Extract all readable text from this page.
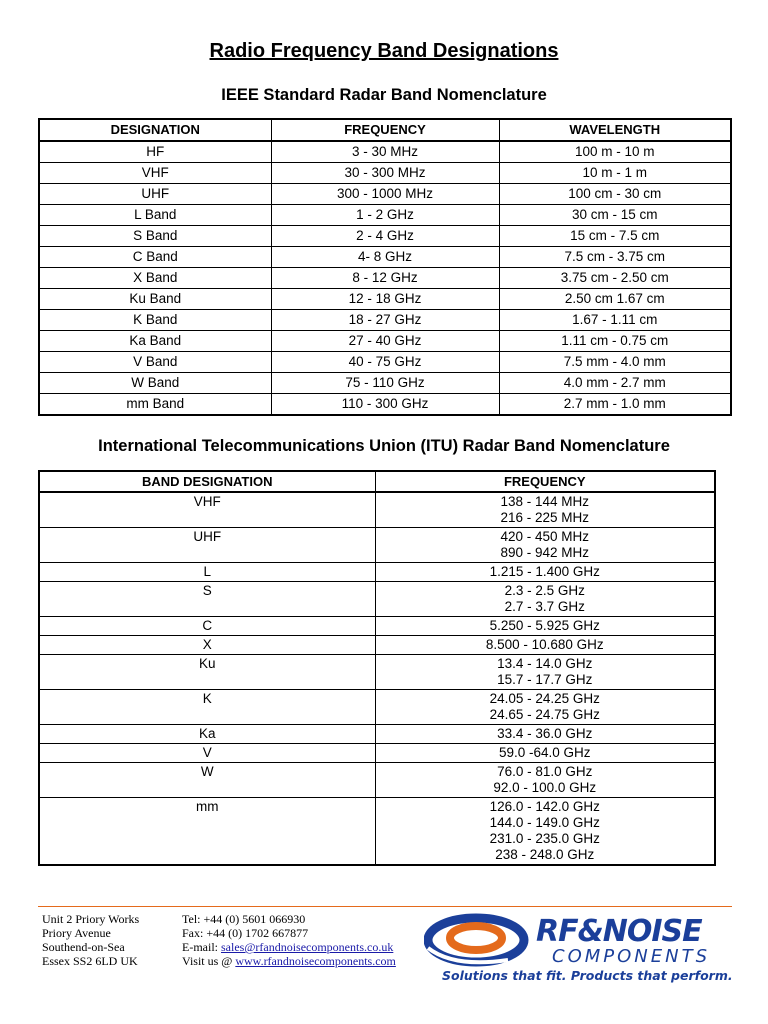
Radio Frequency Band Designations
IEEE Standard Radar Band Nomenclature
DESIGNATION	FREQUENCY	WAVELENGTH
HF	3 - 30 MHz	100 m - 10 m
VHF	30 - 300 MHz	10 m - 1 m
UHF	300 - 1000 MHz	100 cm - 30 cm
L Band	1 - 2 GHz	30 cm - 15 cm
S Band	2 - 4 GHz	15 cm - 7.5 cm
C Band	4- 8 GHz	7.5 cm - 3.75 cm
X Band	8 - 12 GHz	3.75 cm - 2.50 cm
Ku Band	12 - 18 GHz	2.50 cm 1.67 cm
K Band	18 - 27 GHz	1.67 - 1.11 cm
Ka Band	27 - 40 GHz	1.11 cm - 0.75 cm
V Band	40 - 75 GHz	7.5 mm - 4.0 mm
W Band	75 - 110 GHz	4.0 mm - 2.7 mm
mm Band	110 - 300 GHz	2.7 mm - 1.0 mm
International Telecommunications Union (ITU) Radar Band Nomenclature
BAND DESIGNATION	FREQUENCY
VHF	138 - 144 MHz
216 - 225 MHz

UHF	420 - 450 MHz
890 - 942 MHz

L	1.215 - 1.400 GHz

S	2.3 - 2.5 GHz
2.7 - 3.7 GHz

C	5.250 - 5.925 GHz

X	8.500 - 10.680 GHz

Ku	13.4 - 14.0 GHz
15.7 - 17.7 GHz

K	24.05 - 24.25 GHz
24.65 - 24.75 GHz

Ka	33.4 - 36.0 GHz

V	59.0 -64.0 GHz

W	76.0 - 81.0 GHz
92.0 - 100.0 GHz

mm	126.0 - 142.0 GHz
144.0 - 149.0 GHz
231.0 - 235.0 GHz
238 - 248.0 GHz
Unit 2 Priory Works
Priory Avenue
Southend-on-Sea
Essex SS2 6LD UK
Tel: +44 (0) 5601 066930
Fax: +44 (0) 1702 667877
E-mail: sales@rfandnoisecomponents.co.uk
Visit us @ www.rfandnoisecomponents.com
RF&NOISE
COMPONENTS
Solutions that fit. Products that perform.
